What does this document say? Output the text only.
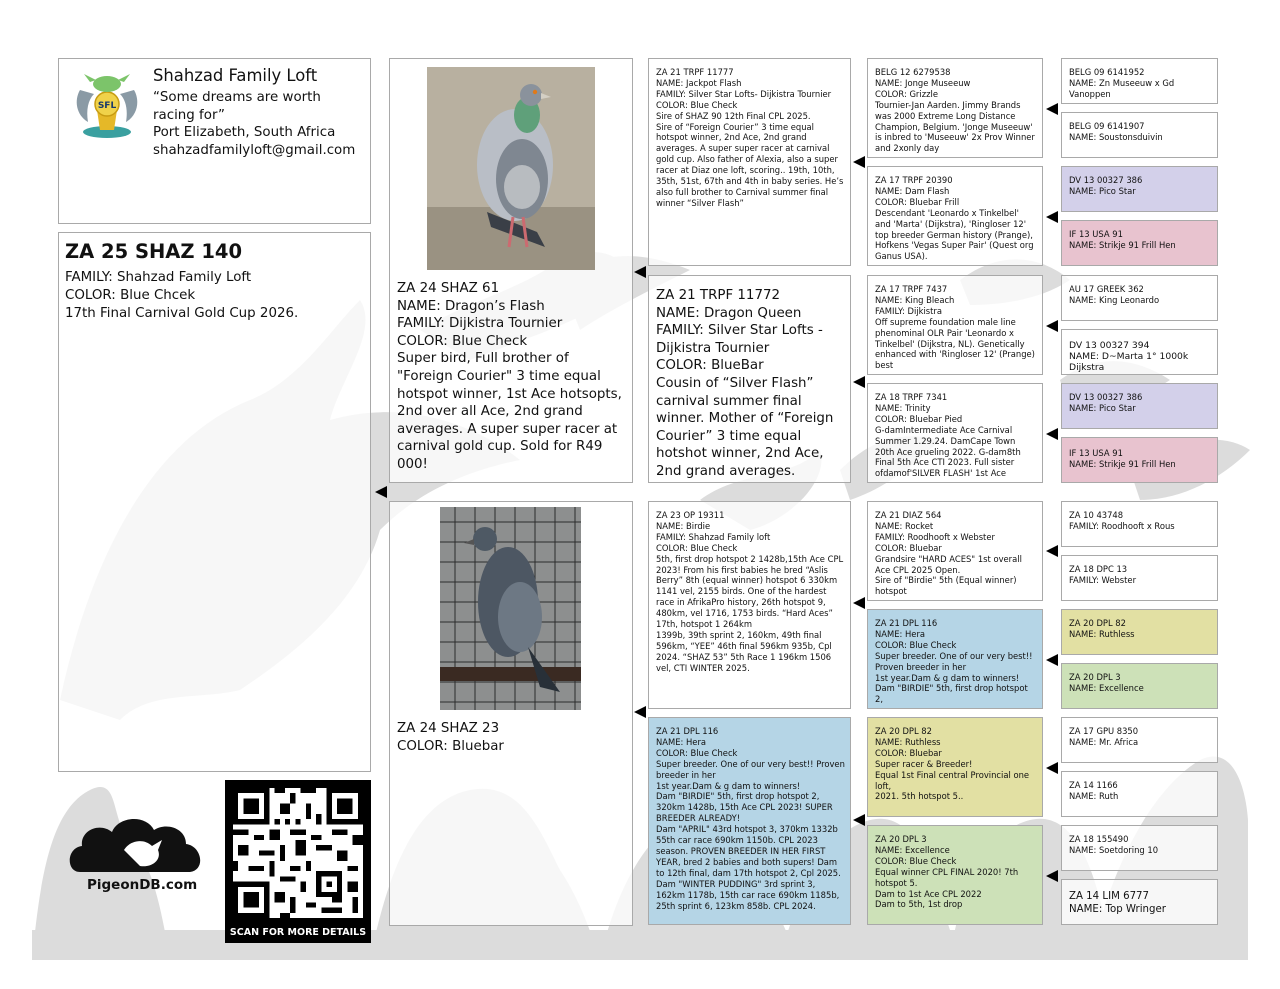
SFL
Shahzad Family Loft
“Some dreams are worth racing for”
Port Elizabeth, South Africa
shahzadfamilyloft@gmail.com
ZA 25 SHAZ 140
FAMILY: Shahzad Family Loft
COLOR: Blue Chcek
17th Final Carnival Gold Cup 2026.
ZA 24 SHAZ 61
NAME: Dragon’s Flash
FAMILY: Dijkistra Tournier
COLOR: Blue Check
Super bird, Full brother of "Foreign Courier" 3 time equal hotspot winner, 1st Ace hotsopts, 2nd over all Ace, 2nd grand averages. A super super racer at carnival gold cup. Sold for R49 000!
ZA 24 SHAZ 23
COLOR: Bluebar
ZA 21 TRPF 11777
NAME: Jackpot Flash
FAMILY: Silver Star Lofts- Dijkistra Tournier
COLOR: Blue Check
Sire of SHAZ 90 12th Final CPL 2025.
Sire of “Foreign Courier” 3 time equal hotspot winner, 2nd Ace, 2nd grand averages. A super super racer at carnival gold cup. Also father of Alexia, also a super racer at Diaz one loft, scoring.. 19th, 10th, 35th, 51st, 67th and 4th in baby series. He’s also full brother to Carnival summer final winner “Silver Flash”
ZA 21 TRPF 11772
NAME: Dragon Queen
FAMILY: Silver Star Lofts - Dijkistra Tournier
COLOR: BlueBar
Cousin of “Silver Flash” carnival summer final winner. Mother of “Foreign Courier” 3 time equal hotshot winner, 2nd Ace, 2nd grand averages.
ZA 23 OP 19311
NAME: Birdie
FAMILY: Shahzad Family loft
COLOR: Blue Check
5th, first drop hotspot 2 1428b,15th Ace CPL 2023! From his first babies he bred “Aslis Berry” 8th (equal winner) hotspot 6 330km 1141 vel, 2155 birds. One of the hardest race in AfrikaPro history, 26th hotspot 9, 480km, vel 1716, 1753 birds. “Hard Aces” 17th, hotspot 1 264km
1399b, 39th sprint 2, 160km, 49th final 596km, “YEE” 46th final 596km 935b, Cpl 2024. “SHAZ 53” 5th Race 1 196km 1506 vel, CTI WINTER 2025.
ZA 21 DPL 116
NAME: Hera
COLOR: Blue Check
Super breeder. One of our very best!! Proven breeder in her
1st year.Dam & g dam to winners!
Dam "BIRDIE" 5th, first drop hotspot 2, 320km 1428b, 15th Ace CPL 2023! SUPER BREEDER ALREADY!
Dam "APRIL" 43rd hotspot 3, 370km 1332b 55th car race 690km 1150b. CPL 2023 season. PROVEN BREEDER IN HER FIRST YEAR, bred 2 babies and both supers! Dam to 12th final, dam 17th hotspot 2, Cpl 2025.
Dam "WINTER PUDDING" 3rd sprint 3, 162km 1178b, 15th car race 690km 1185b, 25th sprint 6, 123km 858b. CPL 2024.
BELG 12 6279538
NAME: Jonge Museeuw
COLOR: Grizzle
Tournier-Jan Aarden. Jimmy Brands was 2000 Extreme Long Distance Champion, Belgium. 'Jonge Museeuw' is inbred to 'Museeuw' 2x Prov Winner and 2xonly day
ZA 17 TRPF 20390
NAME: Dam Flash
COLOR: Bluebar Frill
Descendant 'Leonardo x Tinkelbel' and 'Marta' (Dijkstra), 'Ringloser 12' top breeder German history (Prange), Hofkens 'Vegas Super Pair' (Quest org Ganus USA).
ZA 17 TRPF 7437
NAME: King Bleach
FAMILY: Dijkistra
Off supreme foundation male line phenominal OLR Pair 'Leonardo x Tinkelbel' (Dijkstra, NL). Genetically enhanced with 'Ringloser 12' (Prange) best
ZA 18 TRPF 7341
NAME: Trinity
COLOR: Bluebar Pied
G-damIntermediate Ace Carnival Summer 1.29.24. DamCape Town 20th Ace grueling 2022. G-dam8th Final 5th Ace CTI 2023. Full sister ofdamof'SILVER FLASH' 1st Ace
ZA 21 DIAZ 564
NAME: Rocket
FAMILY: Roodhooft x Webster
COLOR: Bluebar
Grandsire "HARD ACES" 1st overall Ace CPL 2025 Open.
Sire of "Birdie" 5th (Equal winner) hotspot
ZA 21 DPL 116
NAME: Hera
COLOR: Blue Check
Super breeder. One of our very best!! Proven breeder in her
1st year.Dam & g dam to winners!
Dam "BIRDIE" 5th, first drop hotspot 2,
ZA 20 DPL 82
NAME: Ruthless
COLOR: Bluebar
Super racer & Breeder!
Equal 1st Final central Provincial one loft,
2021. 5th hotspot 5..
ZA 20 DPL 3
NAME: Excellence
COLOR: Blue Check
Equal winner CPL FINAL 2020! 7th hotspot 5.
Dam to 1st Ace CPL 2022
Dam to 5th, 1st drop
BELG 09 6141952
NAME: Zn Museeuw x Gd Vanoppen
BELG 09 6141907
NAME: Soustonsduivin
DV 13 00327 386
NAME: Pico Star
IF 13 USA 91
NAME: Strikje 91 Frill Hen
AU 17 GREEK 362
NAME: King Leonardo
DV 13 00327 394
NAME: D~Marta 1° 1000k Dijkstra
DV 13 00327 386
NAME: Pico Star
IF 13 USA 91
NAME: Strikje 91 Frill Hen
ZA 10 43748
FAMILY: Roodhooft x Rous
ZA 18 DPC 13
FAMILY: Webster
ZA 20 DPL 82
NAME: Ruthless
ZA 20 DPL 3
NAME: Excellence
ZA 17 GPU 8350
NAME: Mr. Africa
ZA 14 1166
NAME: Ruth
ZA 18 155490
NAME: Soetdoring 10
ZA 14 LIM 6777
NAME: Top Wringer
PigeonDB.com
SCAN FOR MORE DETAILS
